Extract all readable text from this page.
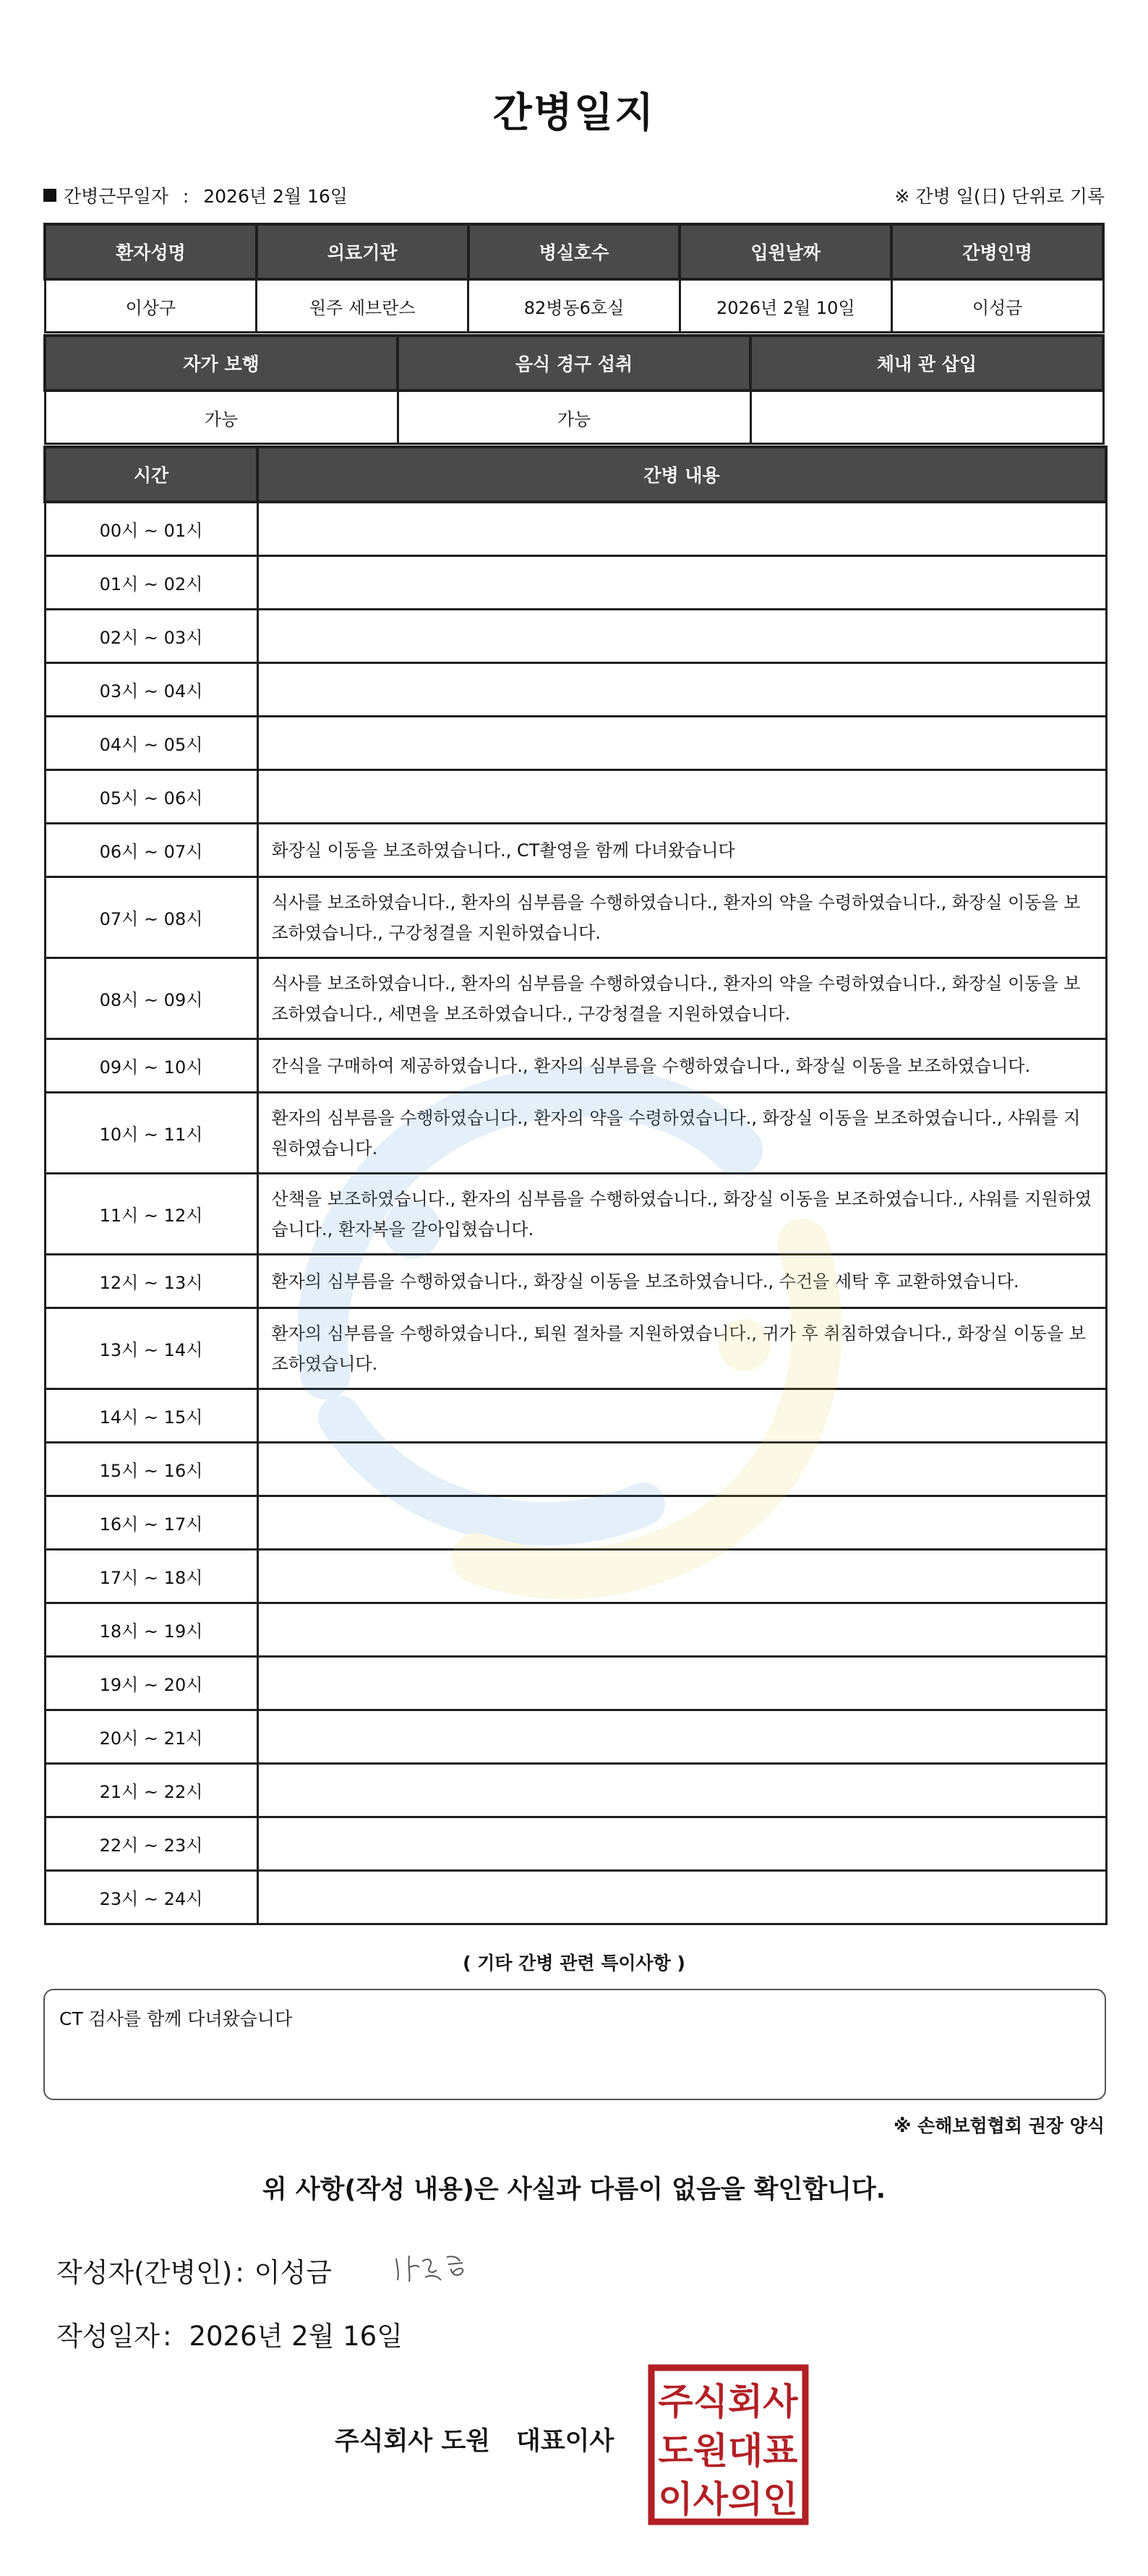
간병일지
간병근무일자 : 2026년 2월 16일	※ 간병 일(日) 단위로 기록
환자성명	의료기관	병실호수	입원날짜	간병인명
이상구	원주 세브란스	82병동6호실	2026년 2월 10일	이성금
자가 보행	음식 경구 섭취	체내 관 삽입
가능	가능	
시간	간병 내용
00시 ~ 01시	
01시 ~ 02시	
02시 ~ 03시	
03시 ~ 04시	
04시 ~ 05시	
05시 ~ 06시	
06시 ~ 07시	화장실 이동을 보조하였습니다., CT촬영을 함께 다녀왔습니다
07시 ~ 08시	식사를 보조하였습니다., 환자의 심부름을 수행하였습니다., 환자의 약을 수령하였습니다., 화장실 이동을 보조하였습니다., 구강청결을 지원하였습니다.
08시 ~ 09시	식사를 보조하였습니다., 환자의 심부름을 수행하였습니다., 환자의 약을 수령하였습니다., 화장실 이동을 보조하였습니다., 세면을 보조하였습니다., 구강청결을 지원하였습니다.
09시 ~ 10시	간식을 구매하여 제공하였습니다., 환자의 심부름을 수행하였습니다., 화장실 이동을 보조하였습니다.
10시 ~ 11시	환자의 심부름을 수행하였습니다., 환자의 약을 수령하였습니다., 화장실 이동을 보조하였습니다., 샤워를 지원하였습니다.
11시 ~ 12시	산책을 보조하였습니다., 환자의 심부름을 수행하였습니다., 화장실 이동을 보조하였습니다., 샤워를 지원하였습니다., 환자복을 갈아입혔습니다.
12시 ~ 13시	환자의 심부름을 수행하였습니다., 화장실 이동을 보조하였습니다., 수건을 세탁 후 교환하였습니다.
13시 ~ 14시	환자의 심부름을 수행하였습니다., 퇴원 절차를 지원하였습니다., 귀가 후 취침하였습니다., 화장실 이동을 보조하였습니다.
14시 ~ 15시	
15시 ~ 16시	
16시 ~ 17시	
17시 ~ 18시	
18시 ~ 19시	
19시 ~ 20시	
20시 ~ 21시	
21시 ~ 22시	
22시 ~ 23시	
23시 ~ 24시	
( 기타 간병 관련 특이사항 )
CT 검사를 함께 다녀왔습니다
※ 손해보험협회 권장 양식
위 사항(작성 내용)은 사실과 다름이 없음을 확인합니다.
작성자(간병인) : 이성금
작성일자 : 2026년 2월 16일
주식회사 도원 대표이사
주식회사
도원대표
이사의인
